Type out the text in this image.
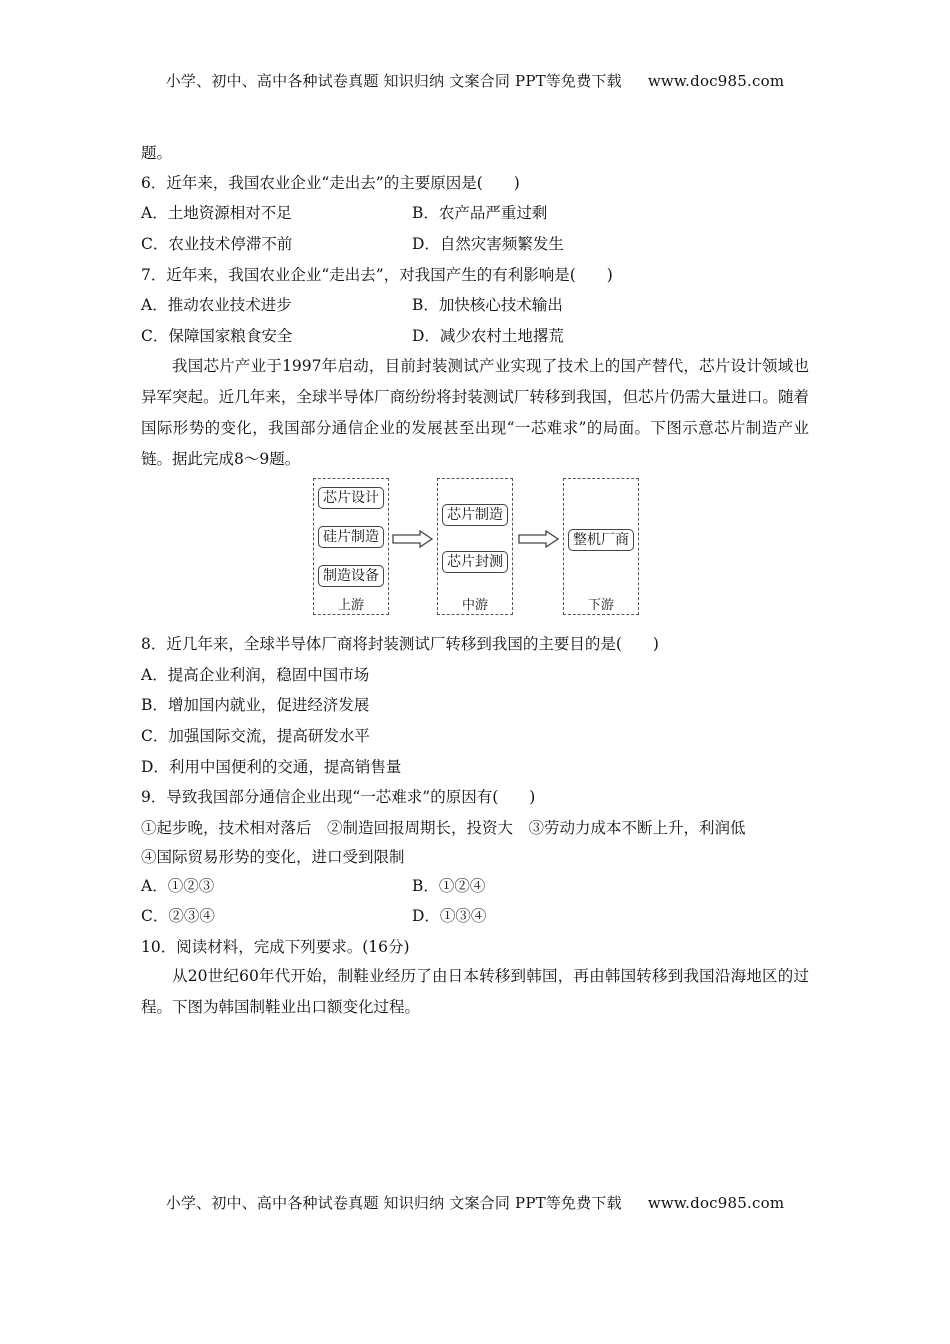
小学、初中、高中各种试卷真题 知识归纳 文案合同 PPT等免费下载 www.doc985.com
题。
6．近年来，我国农业企业“走出去”的主要原因是(　　)
A．土地资源相对不足	B．农产品严重过剩
C．农业技术停滞不前	D．自然灾害频繁发生
7．近年来，我国农业企业“走出去”，对我国产生的有利影响是(　　)
A．推动农业技术进步	B．加快核心技术输出
C．保障国家粮食安全	D．减少农村土地撂荒
我国芯片产业于1997年启动，目前封装测试产业实现了技术上的国产替代，芯片设计领域也异军突起。近几年来，全球半导体厂商纷纷将封装测试厂转移到我国，但芯片仍需大量进口。随着国际形势的变化，我国部分通信企业的发展甚至出现“一芯难求”的局面。下图示意芯片制造产业链。据此完成8～9题。
芯片设计
硅片制造
制造设备
上游
芯片制造
芯片封测
中游
整机厂商
下游
8．近几年来，全球半导体厂商将封装测试厂转移到我国的主要目的是(　　)
A．提高企业利润，稳固中国市场
B．增加国内就业，促进经济发展
C．加强国际交流，提高研发水平
D．利用中国便利的交通，提高销售量
9．导致我国部分通信企业出现“一芯难求”的原因有(　　)
①起步晚，技术相对落后　②制造回报周期长，投资大　③劳动力成本不断上升，利润低
④国际贸易形势的变化，进口受到限制
A．①②③	B．①②④
C．②③④	D．①③④
10．阅读材料，完成下列要求。(16分)
从20世纪60年代开始，制鞋业经历了由日本转移到韩国，再由韩国转移到我国沿海地区的过程。下图为韩国制鞋业出口额变化过程。
小学、初中、高中各种试卷真题 知识归纳 文案合同 PPT等免费下载 www.doc985.com
